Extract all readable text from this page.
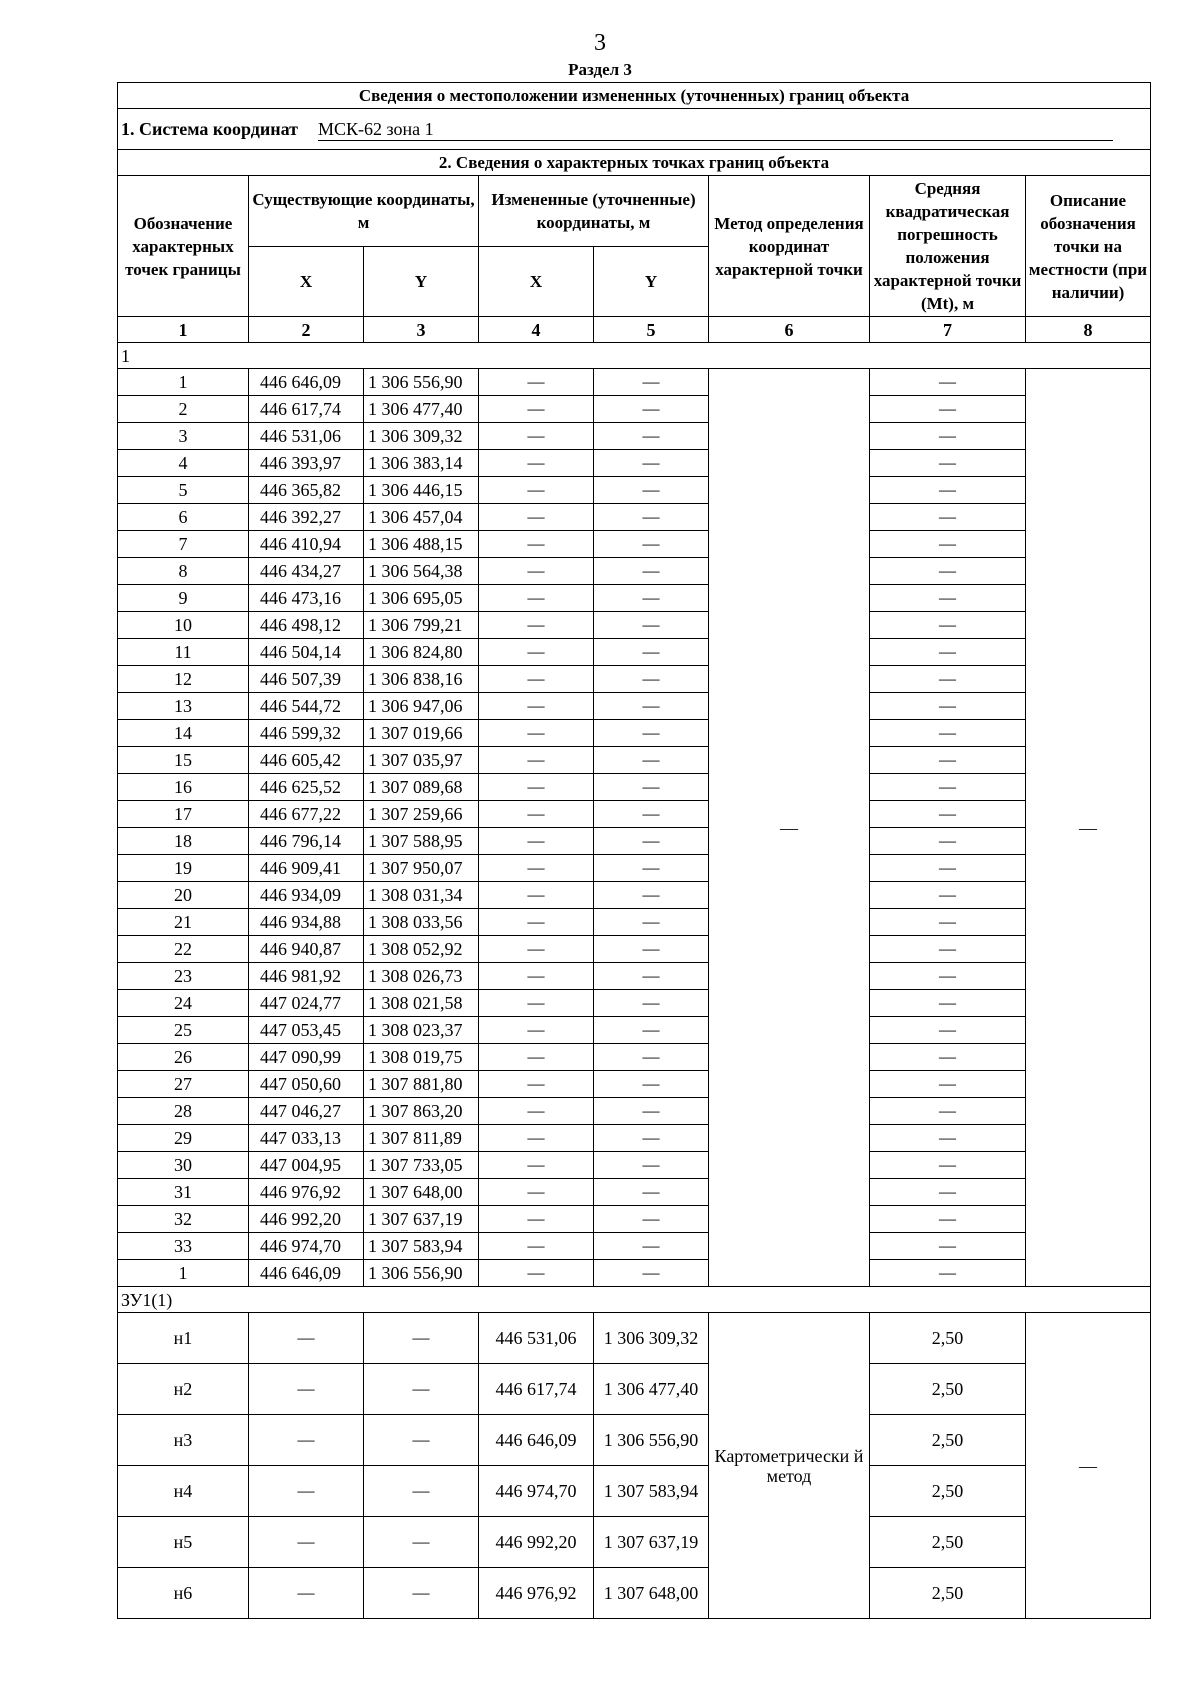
3
Раздел 3
Сведения о местоположении измененных (уточненных) границ объекта							
1. Система координат МСК-62 зона 1							
2. Сведения о характерных точках границ объекта							
Обозначение характерных точек границы	Существующие координаты, м		Измененные (уточненные) координаты, м		Метод определения координат характерной точки	Средняя квадратическая погрешность положения характерной точки (Mt), м	Описание обозначения точки на местности (при наличии)
	X	Y	X	Y			
1	2	3	4	5	6	7	8
1							
1	446 646,09	1 306 556,90	—	—	—	—	—
2	446 617,74	1 306 477,40	—	—		—	
3	446 531,06	1 306 309,32	—	—		—	
4	446 393,97	1 306 383,14	—	—		—	
5	446 365,82	1 306 446,15	—	—		—	
6	446 392,27	1 306 457,04	—	—		—	
7	446 410,94	1 306 488,15	—	—		—	
8	446 434,27	1 306 564,38	—	—		—	
9	446 473,16	1 306 695,05	—	—		—	
10	446 498,12	1 306 799,21	—	—		—	
11	446 504,14	1 306 824,80	—	—		—	
12	446 507,39	1 306 838,16	—	—		—	
13	446 544,72	1 306 947,06	—	—		—	
14	446 599,32	1 307 019,66	—	—		—	
15	446 605,42	1 307 035,97	—	—		—	
16	446 625,52	1 307 089,68	—	—		—	
17	446 677,22	1 307 259,66	—	—		—	
18	446 796,14	1 307 588,95	—	—		—	
19	446 909,41	1 307 950,07	—	—		—	
20	446 934,09	1 308 031,34	—	—		—	
21	446 934,88	1 308 033,56	—	—		—	
22	446 940,87	1 308 052,92	—	—		—	
23	446 981,92	1 308 026,73	—	—		—	
24	447 024,77	1 308 021,58	—	—		—	
25	447 053,45	1 308 023,37	—	—		—	
26	447 090,99	1 308 019,75	—	—		—	
27	447 050,60	1 307 881,80	—	—		—	
28	447 046,27	1 307 863,20	—	—		—	
29	447 033,13	1 307 811,89	—	—		—	
30	447 004,95	1 307 733,05	—	—		—	
31	446 976,92	1 307 648,00	—	—		—	
32	446 992,20	1 307 637,19	—	—		—	
33	446 974,70	1 307 583,94	—	—		—	
1	446 646,09	1 306 556,90	—	—		—	
ЗУ1(1)							
н1	—	—	446 531,06	1 306 309,32	Картометрически й метод	2,50	—
н2	—	—	446 617,74	1 306 477,40		2,50	
н3	—	—	446 646,09	1 306 556,90		2,50	
н4	—	—	446 974,70	1 307 583,94		2,50	
н5	—	—	446 992,20	1 307 637,19		2,50	
н6	—	—	446 976,92	1 307 648,00		2,50	
